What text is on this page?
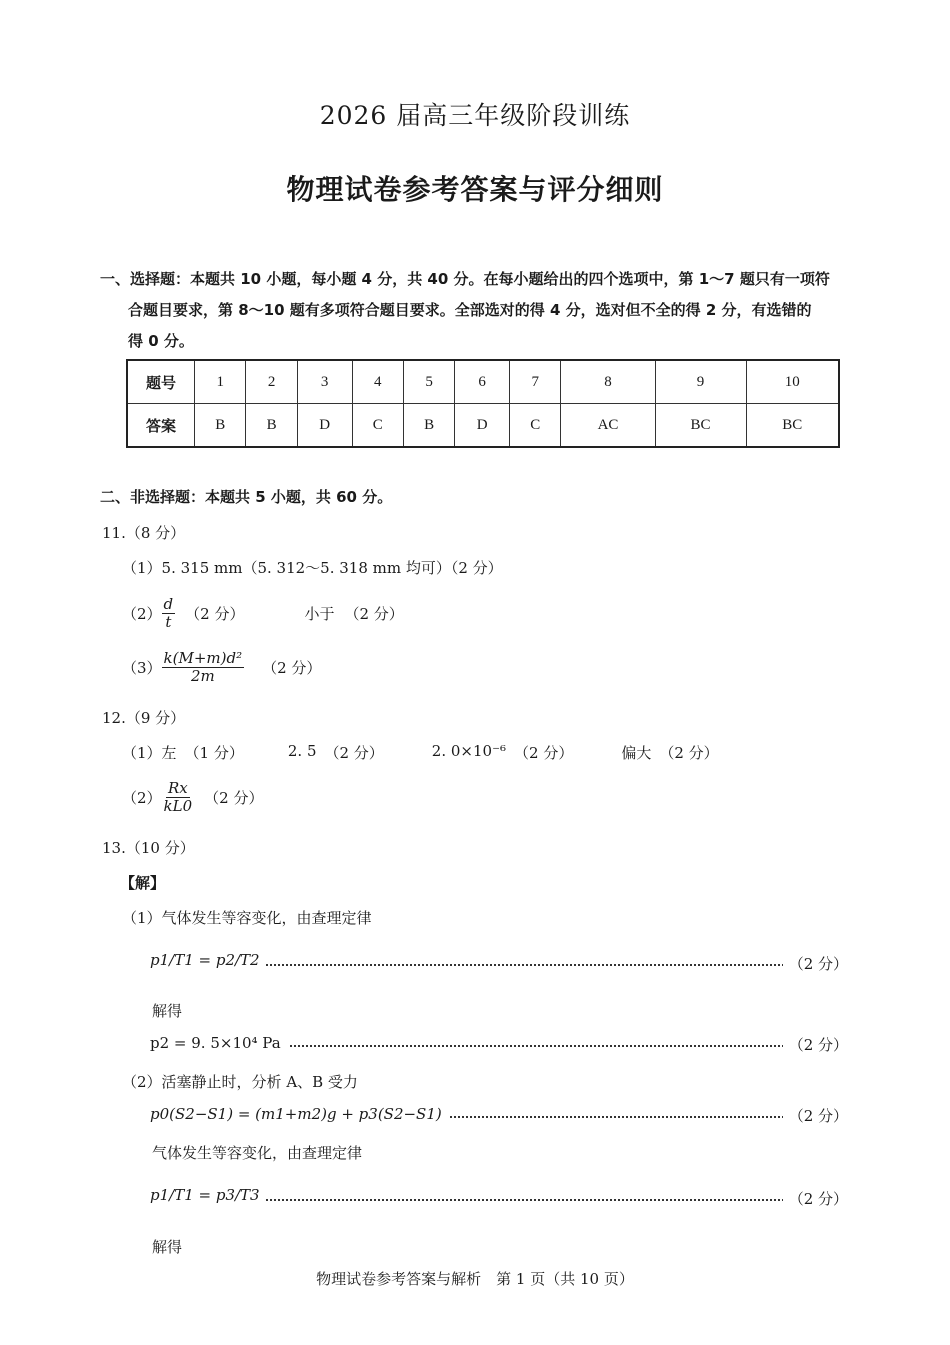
2026 届高三年级阶段训练
物理试卷参考答案与评分细则
一、选择题：本题共 10 小题，每小题 4 分，共 40 分。在每小题给出的四个选项中，第 1～7 题只有一项符
合题目要求，第 8～10 题有多项符合题目要求。全部选对的得 4 分，选对但不全的得 2 分，有选错的
得 0 分。
题号	1	2	3	4	5	6	7	8	9	10
答案	B	B	D	C	B	D	C	AC	BC	BC
二、非选择题：本题共 5 小题，共 60 分。
11.（8 分）
（1）5. 315 mm（5. 312～5. 318 mm 均可）（2 分）
$(2) \frac{d}{t} (2$ 分）	小于 （2 分）
$(3) \frac{\text{k(M+m)d²}}{2m} (2$ 分）
12.（9 分）
（1）左 （1 分）	2. 5 （2 分）	2. 0×10⁻⁶ （2 分）	偏大 （2 分）
$(2) \frac{Rx}{kL0} (2$ 分）
13.（10 分）
【解】
（1）气体发生等容变化，由查理定律
p1/T1 = p2/T2	（2 分）
解得
p2 = 9. 5×10⁴ Pa	（2 分）
（2）活塞静止时，分析 A、B 受力
p0(S2−S1) = (m1+m2)g + p3(S2−S1)	（2 分）
气体发生等容变化，由查理定律
p1/T1 = p3/T3	（2 分）
解得
物理试卷参考答案与解析　第 1 页（共 10 页）
